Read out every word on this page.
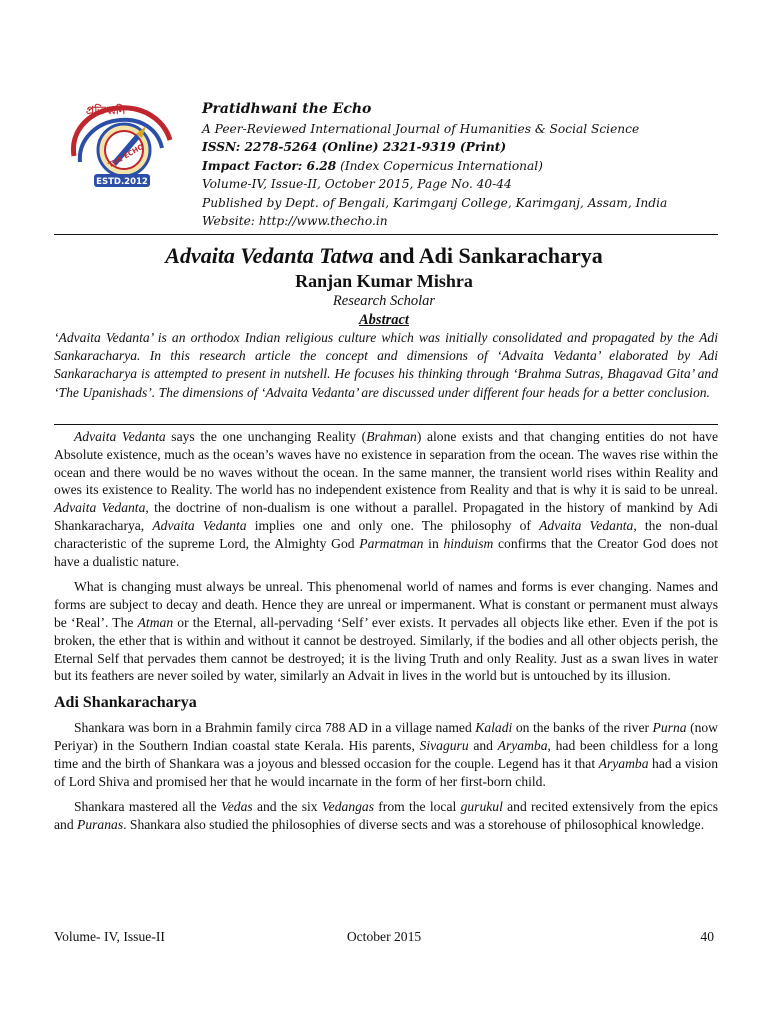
প্রতিধ্বনি
THE ECHO
ESTD.2012
Pratidhwani the Echo
A Peer-Reviewed International Journal of Humanities & Social Science
ISSN: 2278-5264 (Online) 2321-9319 (Print)
Impact Factor: 6.28 (Index Copernicus International)
Volume-IV, Issue-II, October 2015, Page No. 40-44
Published by Dept. of Bengali, Karimganj College, Karimganj, Assam, India
Website: http://www.thecho.in
Advaita Vedanta Tatwa and Adi Sankaracharya
Ranjan Kumar Mishra
Research Scholar
Abstract
‘Advaita Vedanta’ is an orthodox Indian religious culture which was initially consolidated and propagated by the Adi Sankaracharya. In this research article the concept and dimensions of ‘Advaita Vedanta’ elaborated by Adi Sankaracharya is attempted to present in nutshell. He focuses his thinking through ‘Brahma Sutras, Bhagavad Gita’ and ‘The Upanishads’. The dimensions of ‘Advaita Vedanta’ are discussed under different four heads for a better conclusion.

Advaita Vedanta says the one unchanging Reality (Brahman) alone exists and that changing entities do not have Absolute existence, much as the ocean’s waves have no existence in separation from the ocean. The waves rise within the ocean and there would be no waves without the ocean. In the same manner, the transient world rises within Reality and owes its existence to Reality. The world has no independent existence from Reality and that is why it is said to be unreal. Advaita Vedanta, the doctrine of non-dualism is one without a parallel. Propagated in the history of mankind by Adi Shankaracharya, Advaita Vedanta implies one and only one. The philosophy of Advaita Vedanta, the non-dual characteristic of the supreme Lord, the Almighty God Parmatman in hinduism confirms that the Creator God does not have a dualistic nature.

What is changing must always be unreal. This phenomenal world of names and forms is ever changing. Names and forms are subject to decay and death. Hence they are unreal or impermanent. What is constant or permanent must always be ‘Real’. The Atman or the Eternal, all-pervading ‘Self’ ever exists. It pervades all objects like ether. Even if the pot is broken, the ether that is within and without it cannot be destroyed. Similarly, if the bodies and all other objects perish, the Eternal Self that pervades them cannot be destroyed; it is the living Truth and only Reality. Just as a swan lives in water but its feathers are never soiled by water, similarly an Advait in lives in the world but is untouched by its illusion.

Adi Shankaracharya

Shankara was born in a Brahmin family circa 788 AD in a village named Kaladi on the banks of the river Purna (now Periyar) in the Southern Indian coastal state Kerala. His parents, Sivaguru and Aryamba, had been childless for a long time and the birth of Shankara was a joyous and blessed occasion for the couple. Legend has it that Aryamba had a vision of Lord Shiva and promised her that he would incarnate in the form of her first-born child.

Shankara mastered all the Vedas and the six Vedangas from the local gurukul and recited extensively from the epics and Puranas. Shankara also studied the philosophies of diverse sects and was a storehouse of philosophical knowledge.

Volume- IV, Issue-II	October 2015	40
